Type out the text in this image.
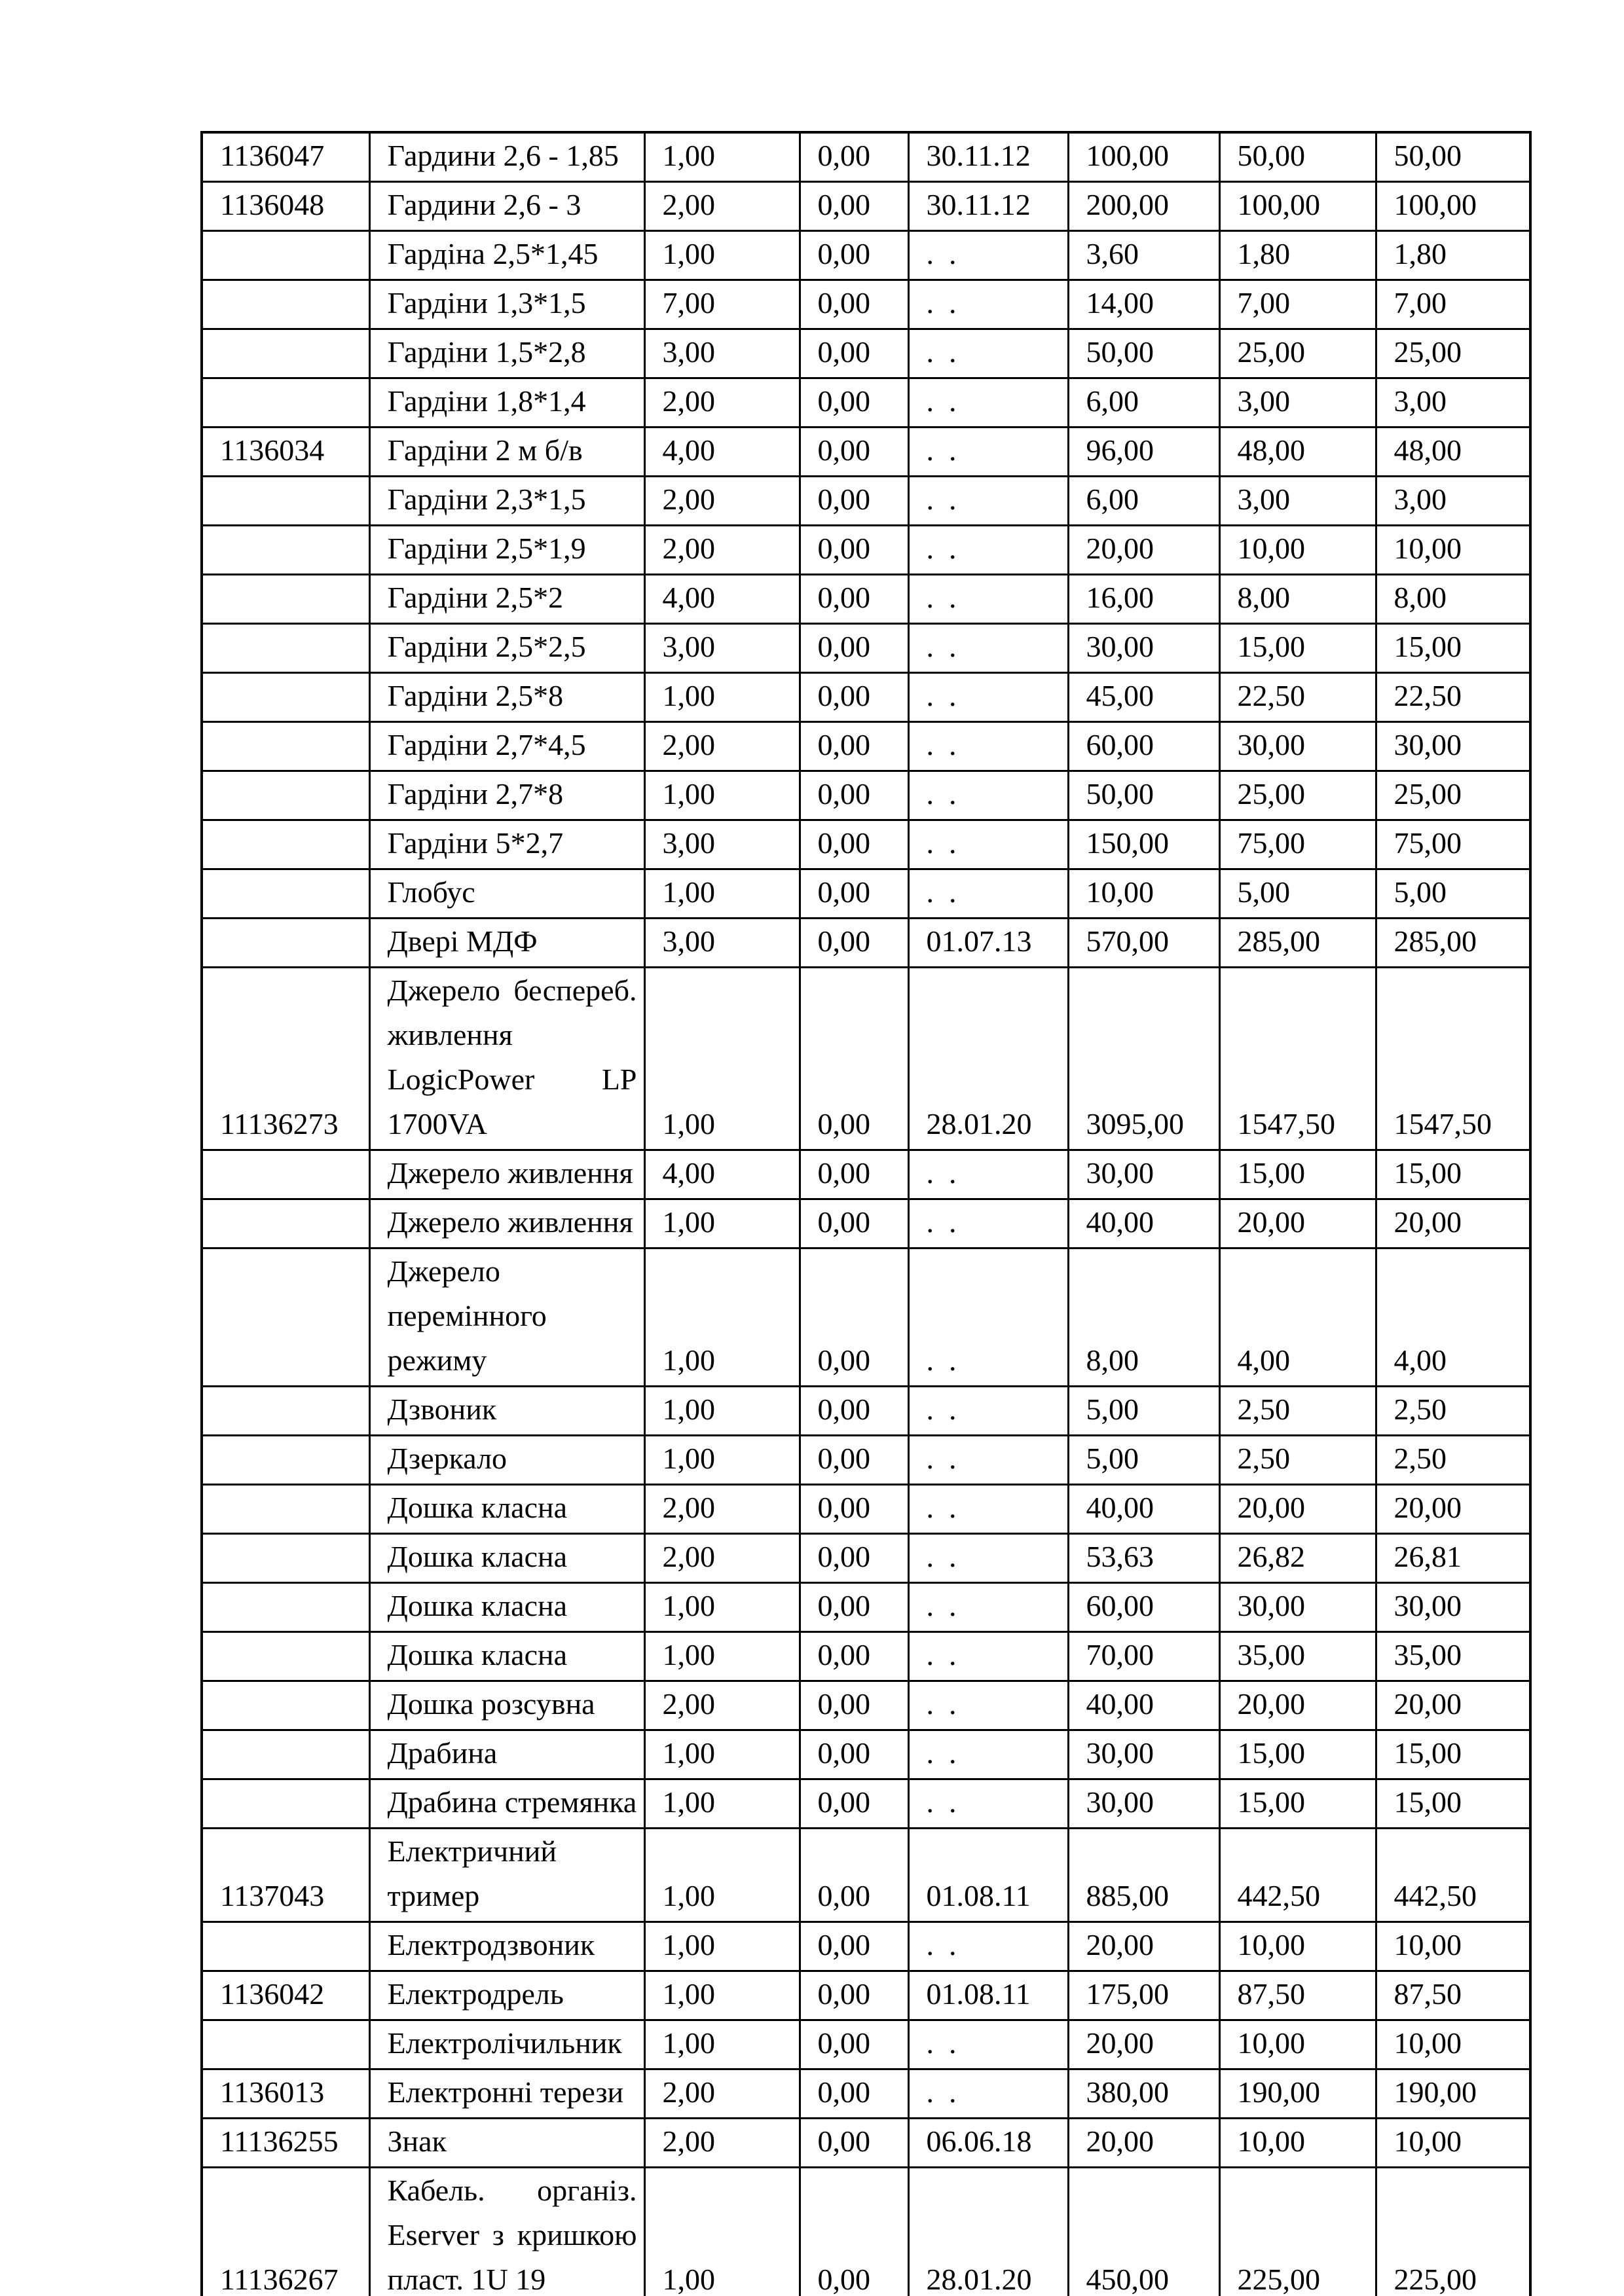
1136047	Гардини 2,6 - 1,85	1,00	0,00	30.11.12	100,00	50,00	50,00
1136048	Гардини 2,6 - 3	2,00	0,00	30.11.12	200,00	100,00	100,00
	Гардіна 2,5*1,45	1,00	0,00	.  .	3,60	1,80	1,80
	Гардіни 1,3*1,5	7,00	0,00	.  .	14,00	7,00	7,00
	Гардіни 1,5*2,8	3,00	0,00	.  .	50,00	25,00	25,00
	Гардіни 1,8*1,4	2,00	0,00	.  .	6,00	3,00	3,00
1136034	Гардіни 2 м б/в	4,00	0,00	.  .	96,00	48,00	48,00
	Гардіни 2,3*1,5	2,00	0,00	.  .	6,00	3,00	3,00
	Гардіни 2,5*1,9	2,00	0,00	.  .	20,00	10,00	10,00
	Гардіни 2,5*2	4,00	0,00	.  .	16,00	8,00	8,00
	Гардіни 2,5*2,5	3,00	0,00	.  .	30,00	15,00	15,00
	Гардіни 2,5*8	1,00	0,00	.  .	45,00	22,50	22,50
	Гардіни 2,7*4,5	2,00	0,00	.  .	60,00	30,00	30,00
	Гардіни 2,7*8	1,00	0,00	.  .	50,00	25,00	25,00
	Гардіни 5*2,7	3,00	0,00	.  .	150,00	75,00	75,00
	Глобус	1,00	0,00	.  .	10,00	5,00	5,00
	Двері МДФ	3,00	0,00	01.07.13	570,00	285,00	285,00
11136273	Джерело беспереб. живлення LogicPower LP 1700VA	1,00	0,00	28.01.20	3095,00	1547,50	1547,50
	Джерело живлення	4,00	0,00	.  .	30,00	15,00	15,00
	Джерело живлення	1,00	0,00	.  .	40,00	20,00	20,00
	Джерело перемінного режиму	1,00	0,00	.  .	8,00	4,00	4,00
	Дзвоник	1,00	0,00	.  .	5,00	2,50	2,50
	Дзеркало	1,00	0,00	.  .	5,00	2,50	2,50
	Дошка класна	2,00	0,00	.  .	40,00	20,00	20,00
	Дошка класна	2,00	0,00	.  .	53,63	26,82	26,81
	Дошка класна	1,00	0,00	.  .	60,00	30,00	30,00
	Дошка класна	1,00	0,00	.  .	70,00	35,00	35,00
	Дошка розсувна	2,00	0,00	.  .	40,00	20,00	20,00
	Драбина	1,00	0,00	.  .	30,00	15,00	15,00
	Драбина стремянка	1,00	0,00	.  .	30,00	15,00	15,00
1137043	Електричний тример	1,00	0,00	01.08.11	885,00	442,50	442,50
	Електродзвоник	1,00	0,00	.  .	20,00	10,00	10,00
1136042	Електродрель	1,00	0,00	01.08.11	175,00	87,50	87,50
	Електролічильник	1,00	0,00	.  .	20,00	10,00	10,00
1136013	Електронні терези	2,00	0,00	.  .	380,00	190,00	190,00
11136255	Знак	2,00	0,00	06.06.18	20,00	10,00	10,00
11136267	Кабель. організ. Eserver з кришкою пласт. 1U 19	1,00	0,00	28.01.20	450,00	225,00	225,00
